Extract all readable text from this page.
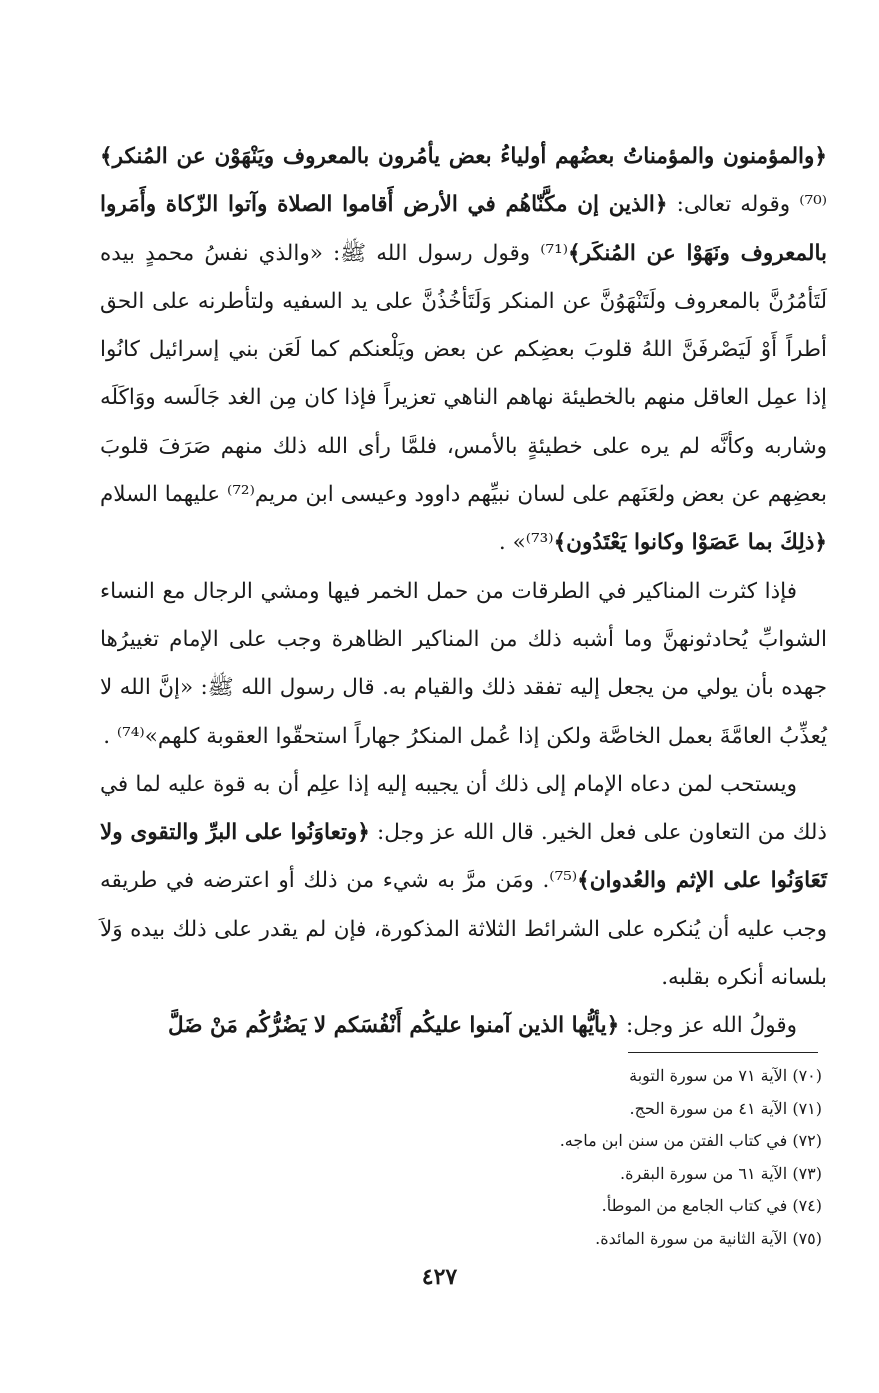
﴿والمؤمنون والمؤمناتُ بعضُهم أولياءُ بعض يأمُرون بالمعروف ويَنْهَوْن عن المُنكر﴾⁽⁷⁰⁾ وقوله تعالى: ﴿الذين إن مكَّنّاهُم في الأرض أَقاموا الصلاة وآتوا الزّكاة وأَمَروا بالمعروف ونَهَوْا عن المُنكَر﴾⁽⁷¹⁾ وقول رسول الله ﷺ: «والذي نفسُ محمدٍ بيده لَتَأمُرُنَّ بالمعروف ولَتَنْهَوُنَّ عن المنكر وَلَتَأخُذُنَّ على يد السفيه ولتأطرنه على الحق أطراً أَوْ لَيَصْرفَنَّ اللهُ قلوبَ بعضِكم عن بعض ويَلْعنكم كما لَعَن بني إسرائيل كانُوا إذا عمِل العاقل منهم بالخطيئة نهاهم الناهي تعزيراً فإذا كان مِن الغد جَالَسه ووَاكَلَه وشاربه وكأنَّه لم يره على خطيئةٍ بالأمس، فلمَّا رأى الله ذلك منهم صَرَفَ قلوبَ بعضِهم عن بعض ولعَنَهم على لسان نبيِّهم داوود وعيسى ابن مريم⁽⁷²⁾ عليهما السلام ﴿ذلِكَ بما عَصَوْا وكانوا يَعْتَدُون﴾⁽⁷³⁾» .

فإذا كثرت المناكير في الطرقات من حمل الخمر فيها ومشي الرجال مع النساء الشوابِّ يُحادثونهنَّ وما أشبه ذلك من المناكير الظاهرة وجب على الإمام تغييرُها جهده بأن يولي من يجعل إليه تفقد ذلك والقيام به. قال رسول الله ﷺ: «إنَّ الله لا يُعذِّبُ العامَّةَ بعمل الخاصَّة ولكن إذا عُمل المنكرُ جهاراً استحقّوا العقوبة كلهم»⁽⁷⁴⁾ .

ويستحب لمن دعاه الإمام إلى ذلك أن يجيبه إليه إذا علِم أن به قوة عليه لما في ذلك من التعاون على فعل الخير. قال الله عز وجل: ﴿وتعاوَنُوا على البرِّ والتقوى ولا تَعَاوَنُوا على الإثم والعُدوان﴾⁽⁷⁵⁾. ومَن مرَّ به شيء من ذلك أو اعترضه في طريقه وجب عليه أن يُنكره على الشرائط الثلاثة المذكورة، فإن لم يقدر على ذلك بيده وَلاَ بلسانه أنكره بقلبه.

وقولُ الله عز وجل: ﴿يأيُّها الذين آمنوا عليكُم أَنْفُسَكم لا يَضُرُّكُم مَنْ ضَلَّ

(٧٠) الآية ٧١ من سورة التوبة
(٧١) الآية ٤١ من سورة الحج.
(٧٢) في كتاب الفتن من سنن ابن ماجه.
(٧٣) الآية ٦١ من سورة البقرة.
(٧٤) في كتاب الجامع من الموطأ.
(٧٥) الآية الثانية من سورة المائدة.
٤٢٧
